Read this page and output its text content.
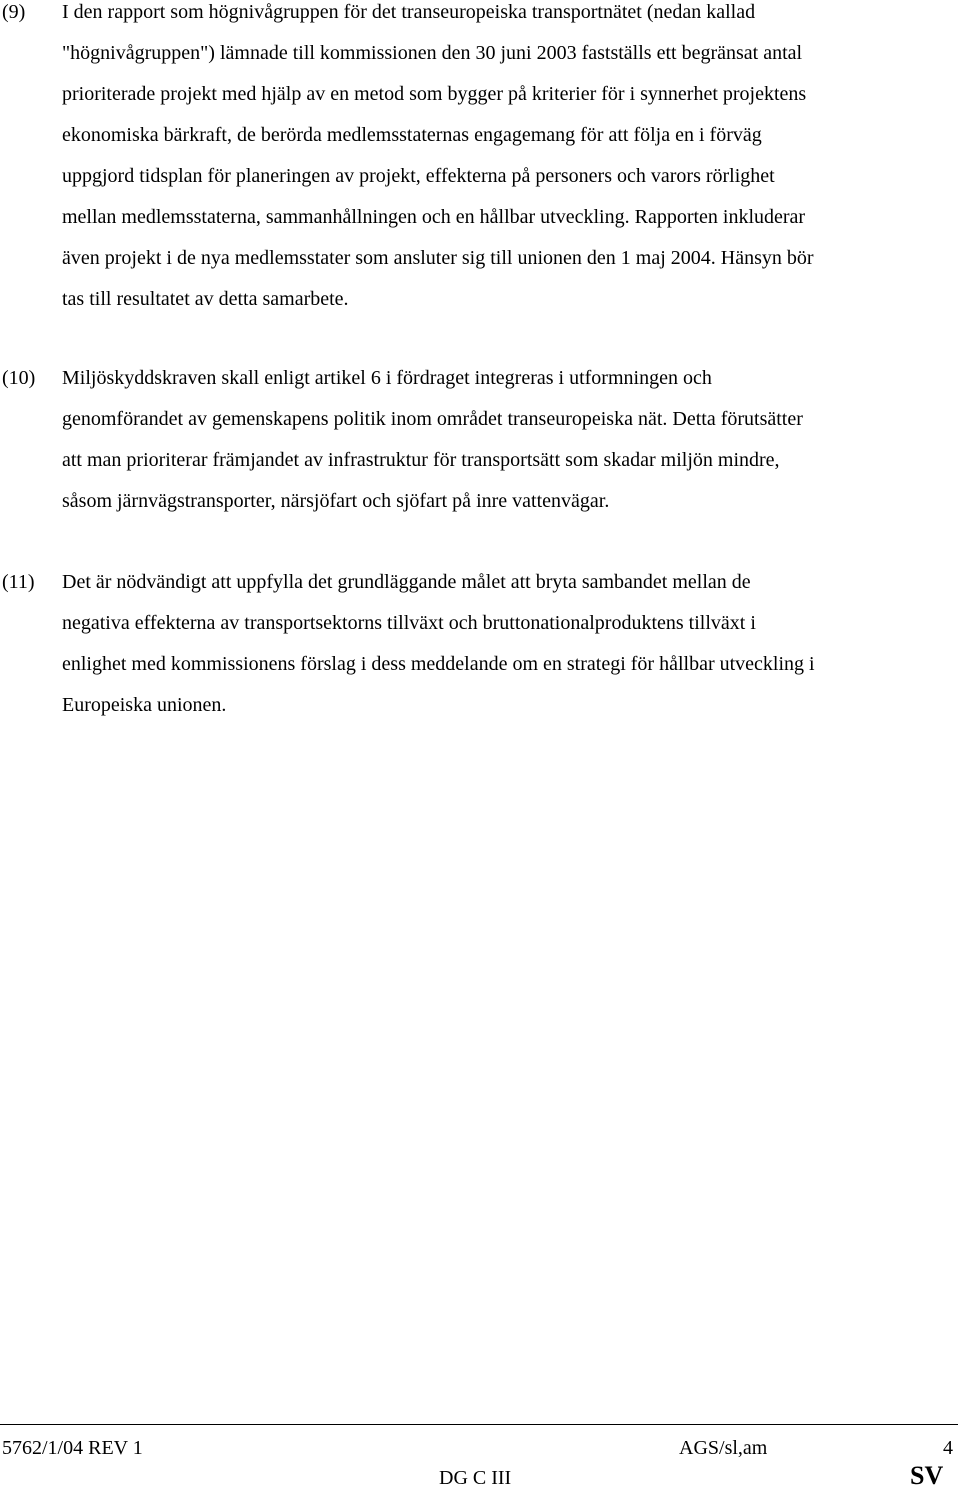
(9) I den rapport som högnivågruppen för det transeuropeiska transportnätet (nedan kallad
"högnivågruppen") lämnade till kommissionen den 30 juni 2003 fastställs ett begränsat antal
prioriterade projekt med hjälp av en metod som bygger på kriterier för i synnerhet projektens
ekonomiska bärkraft, de berörda medlemsstaternas engagemang för att följa en i förväg
uppgjord tidsplan för planeringen av projekt, effekterna på personers och varors rörlighet
mellan medlemsstaterna, sammanhållningen och en hållbar utveckling. Rapporten inkluderar
även projekt i de nya medlemsstater som ansluter sig till unionen den 1 maj 2004. Hänsyn bör
tas till resultatet av detta samarbete.
(10) Miljöskyddskraven skall enligt artikel 6 i fördraget integreras i utformningen och
genomförandet av gemenskapens politik inom området transeuropeiska nät. Detta förutsätter
att man prioriterar främjandet av infrastruktur för transportsätt som skadar miljön mindre,
såsom järnvägstransporter, närsjöfart och sjöfart på inre vattenvägar.
(11) Det är nödvändigt att uppfylla det grundläggande målet att bryta sambandet mellan de
negativa effekterna av transportsektorns tillväxt och bruttonationalproduktens tillväxt i
enlighet med kommissionens förslag i dess meddelande om en strategi för hållbar utveckling i
Europeiska unionen.
5762/1/04 REV 1	AGS/sl,am	4
DG C III	SV
